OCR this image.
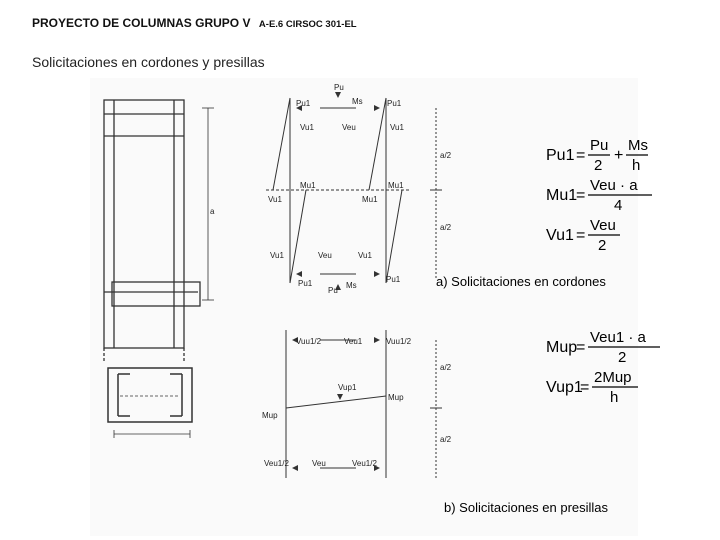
PROYECTO DE COLUMNAS GRUPO V A-E.6 CIRSOC 301-EL
Solicitaciones en cordones y presillas
a
Pu
Ms
Pu1	Pu1
Vu1	Veu	Vu1
Mu1	Mu1
Vu1	Mu1
Vu1	Veu	Vu1
Pu1
Pu
Ms
Pu1
a/2
a/2
a) Solicitaciones en cordones
Vuu1/2	Veu1	Vuu1/2
Vup1
Mup
Mup
Veu1/2	Veu	Veu1/2
a/2
a/2
b) Solicitaciones en presillas
Pu1 =
Pu
2
+
Ms
h
Mu1
=
Veu · a
4
Vu1 =
Veu
2
Mup
=
Veu1 · a
2
Vup1
=
2Mup
h
